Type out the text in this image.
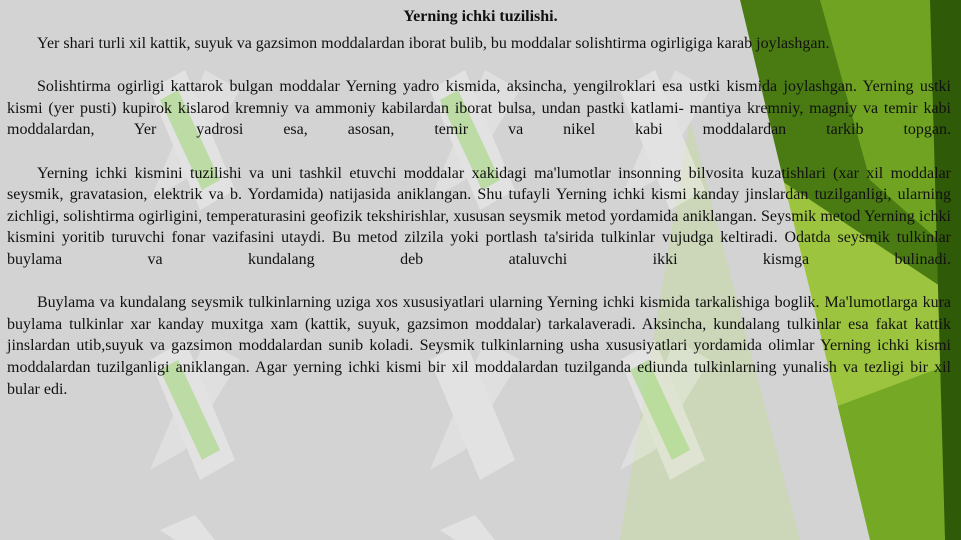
Yerning ichki tuzilishi.

Yer shari turli xil kattik, suyuk va gazsimon moddalardan iborat bulib, bu moddalar solishtirma ogirligiga karab joylashgan.

Solishtirma ogirligi kattarok bulgan moddalar Yerning yadro kismida, aksincha, yengilroklari esa ustki kismida joylashgan. Yerning ustki kismi (yer pusti) kupirok kislarod kremniy va ammoniy kabilardan iborat bulsa, undan pastki katlami- mantiya kremniy, magniy va temir kabi moddalardan, Yer yadrosi esa, asosan, temir va nikel kabi moddalardan tarkib topgan.

Yerning ichki kismini tuzilishi va uni tashkil etuvchi moddalar xakidagi ma'lumotlar insonning bilvosita kuzatishlari (xar xil moddalar seysmik, gravatasion, elektrik va b. Yordamida) natijasida aniklangan. Shu tufayli Yerning ichki kismi kanday jinslardan tuzilganligi, ularning zichligi, solishtirma ogirligini, temperaturasini geofizik tekshirishlar, xususan seysmik metod yordamida aniklangan. Seysmik metod Yerning ichki kismini yoritib turuvchi fonar vazifasini utaydi. Bu metod zilzila yoki portlash ta'sirida tulkinlar vujudga keltiradi. Odatda seysmik tulkinlar buylama va kundalang deb ataluvchi ikki kismga bulinadi.

Buylama va kundalang seysmik tulkinlarning uziga xos xususiyatlari ularning Yerning ichki kismida tarkalishiga boglik. Ma'lumotlarga kura buylama tulkinlar xar kanday muxitga xam (kattik, suyuk, gazsimon moddalar) tarkalaveradi. Aksincha, kundalang tulkinlar esa fakat kattik jinslardan utib,suyuk va gazsimon moddalardan sunib koladi. Seysmik tulkinlarning usha xususiyatlari yordamida olimlar Yerning ichki kismi moddalardan tuzilganligi aniklangan. Agar yerning ichki kismi bir xil moddalardan tuzilganda ediunda tulkinlarning yunalish va tezligi bir xil bular edi.
